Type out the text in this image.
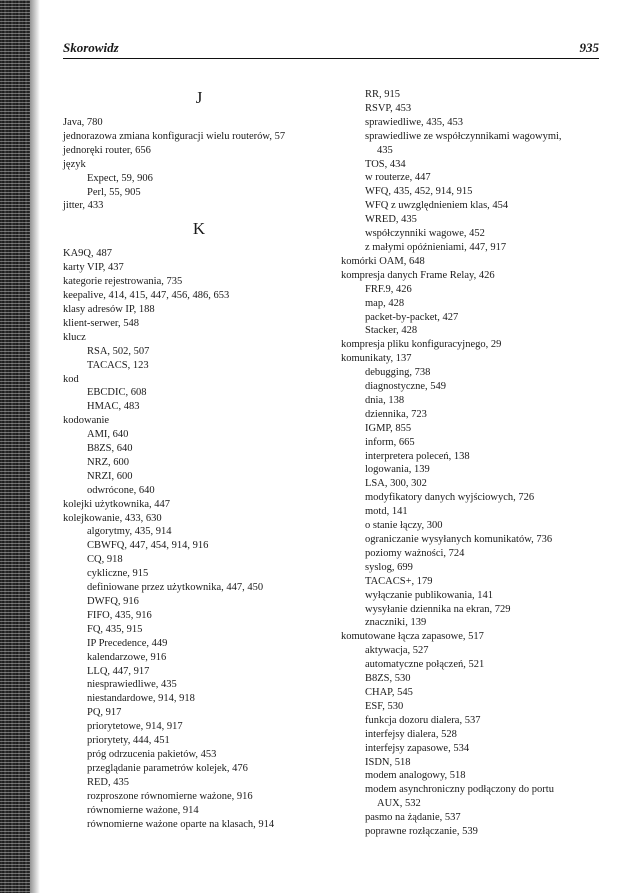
Skorowidz	935
J
Java, 780
jednorazowa zmiana konfiguracji wielu routerów, 57
jednoręki router, 656
język
Expect, 59, 906
Perl, 55, 905
jitter, 433
K
KA9Q, 487
karty VIP, 437
kategorie rejestrowania, 735
keepalive, 414, 415, 447, 456, 486, 653
klasy adresów IP, 188
klient-serwer, 548
klucz
RSA, 502, 507
TACACS, 123
kod
EBCDIC, 608
HMAC, 483
kodowanie
AMI, 640
B8ZS, 640
NRZ, 600
NRZI, 600
odwrócone, 640
kolejki użytkownika, 447
kolejkowanie, 433, 630
algorytmy, 435, 914
CBWFQ, 447, 454, 914, 916
CQ, 918
cykliczne, 915
definiowane przez użytkownika, 447, 450
DWFQ, 916
FIFO, 435, 916
FQ, 435, 915
IP Precedence, 449
kalendarzowe, 916
LLQ, 447, 917
niesprawiedliwe, 435
niestandardowe, 914, 918
PQ, 917
priorytetowe, 914, 917
priorytety, 444, 451
próg odrzucenia pakietów, 453
przeglądanie parametrów kolejek, 476
RED, 435
rozproszone równomierne ważone, 916
równomierne ważone, 914
równomierne ważone oparte na klasach, 914
RR, 915
RSVP, 453
sprawiedliwe, 435, 453
sprawiedliwe ze współczynnikami wagowymi,
435
TOS, 434
w routerze, 447
WFQ, 435, 452, 914, 915
WFQ z uwzględnieniem klas, 454
WRED, 435
współczynniki wagowe, 452
z małymi opóźnieniami, 447, 917
komórki OAM, 648
kompresja danych Frame Relay, 426
FRF.9, 426
map, 428
packet-by-packet, 427
Stacker, 428
kompresja pliku konfiguracyjnego, 29
komunikaty, 137
debugging, 738
diagnostyczne, 549
dnia, 138
dziennika, 723
IGMP, 855
inform, 665
interpretera poleceń, 138
logowania, 139
LSA, 300, 302
modyfikatory danych wyjściowych, 726
motd, 141
o stanie łączy, 300
ograniczanie wysyłanych komunikatów, 736
poziomy ważności, 724
syslog, 699
TACACS+, 179
wyłączanie publikowania, 141
wysyłanie dziennika na ekran, 729
znaczniki, 139
komutowane łącza zapasowe, 517
aktywacja, 527
automatyczne połączeń, 521
B8ZS, 530
CHAP, 545
ESF, 530
funkcja dozoru dialera, 537
interfejsy dialera, 528
interfejsy zapasowe, 534
ISDN, 518
modem analogowy, 518
modem asynchroniczny podłączony do portu
AUX, 532
pasmo na żądanie, 537
poprawne rozłączanie, 539
